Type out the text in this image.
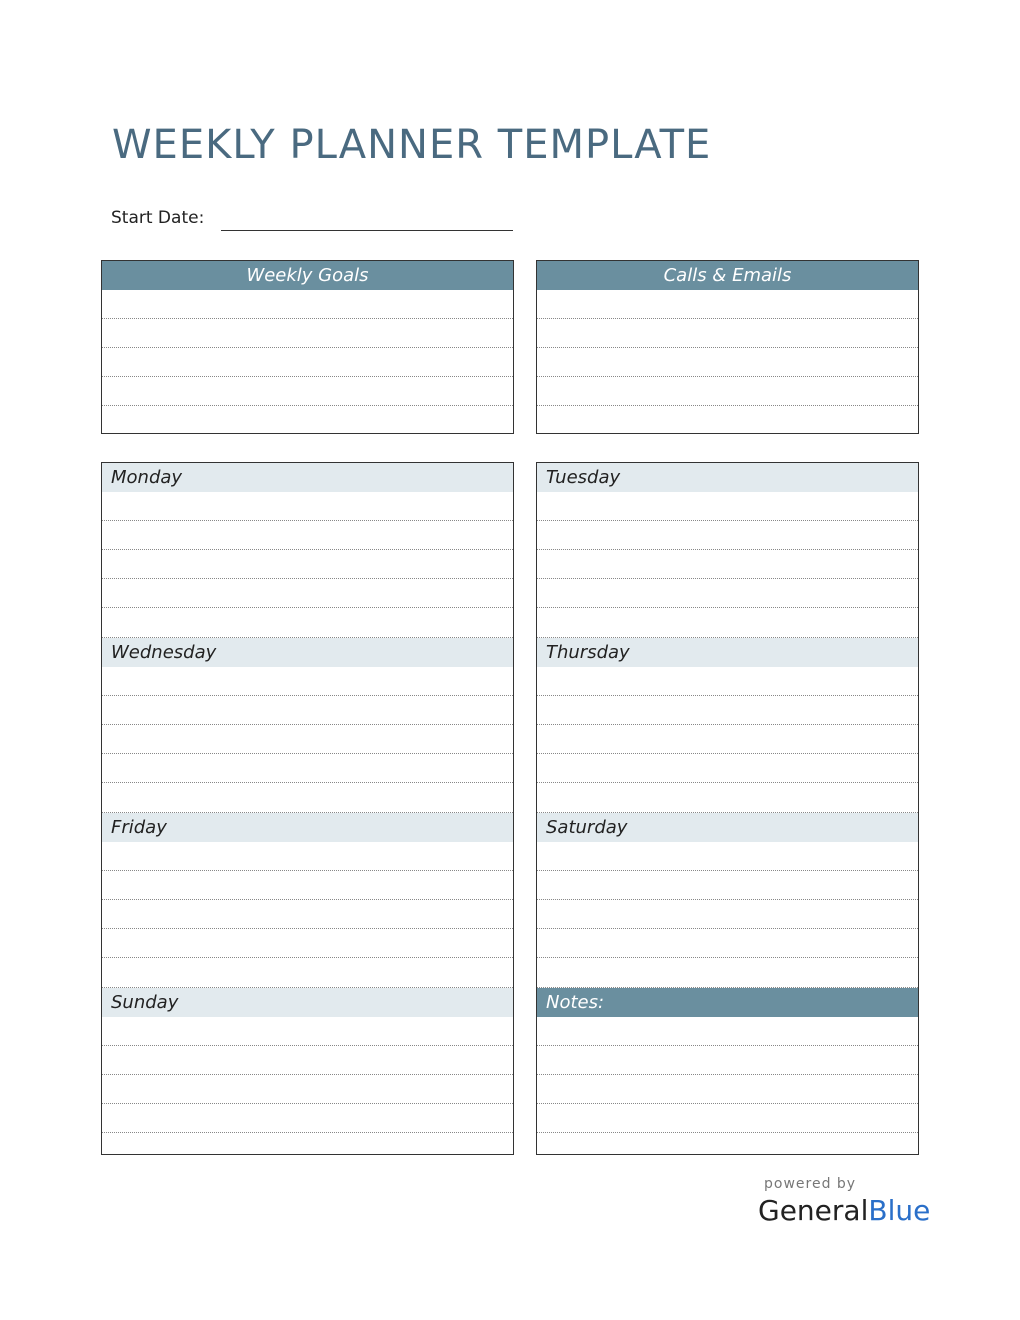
WEEKLY PLANNER TEMPLATE
Start Date:
Weekly Goals	Calls & Emails
Monday
Wednesday
Friday
Sunday
Tuesday
Thursday
Saturday
Notes:
powered by
GeneralBlue
